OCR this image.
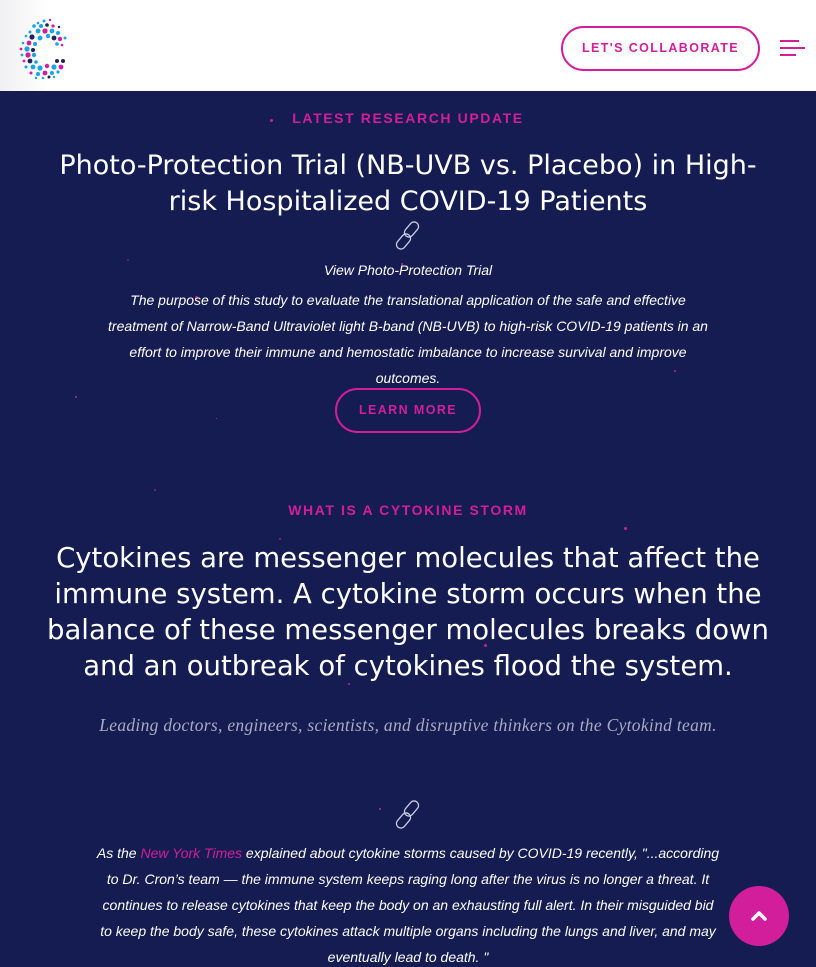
LET'S COLLABORATE
LATEST RESEARCH UPDATE
Photo-Protection Trial (NB-UVB vs. Placebo) in High-
risk Hospitalized COVID-19 Patients
View Photo-Protection Trial
The purpose of this study to evaluate the translational application of the safe and effective
treatment of Narrow-Band Ultraviolet light B-band (NB-UVB) to high-risk COVID-19 patients in an
effort to improve their immune and hemostatic imbalance to increase survival and improve
outcomes.
LEARN MORE
WHAT IS A CYTOKINE STORM
Cytokines are messenger molecules that affect the
immune system. A cytokine storm occurs when the
balance of these messenger molecules breaks down
and an outbreak of cytokines flood the system.
Leading doctors, engineers, scientists, and disruptive thinkers on the Cytokind team.
As the New York Times explained about cytokine storms caused by COVID-19 recently, "...according
to Dr. Cron’s team — the immune system keeps raging long after the virus is no longer a threat. It
continues to release cytokines that keep the body on an exhausting full alert. In their misguided bid
to keep the body safe, these cytokines attack multiple organs including the lungs and liver, and may
eventually lead to death. "
